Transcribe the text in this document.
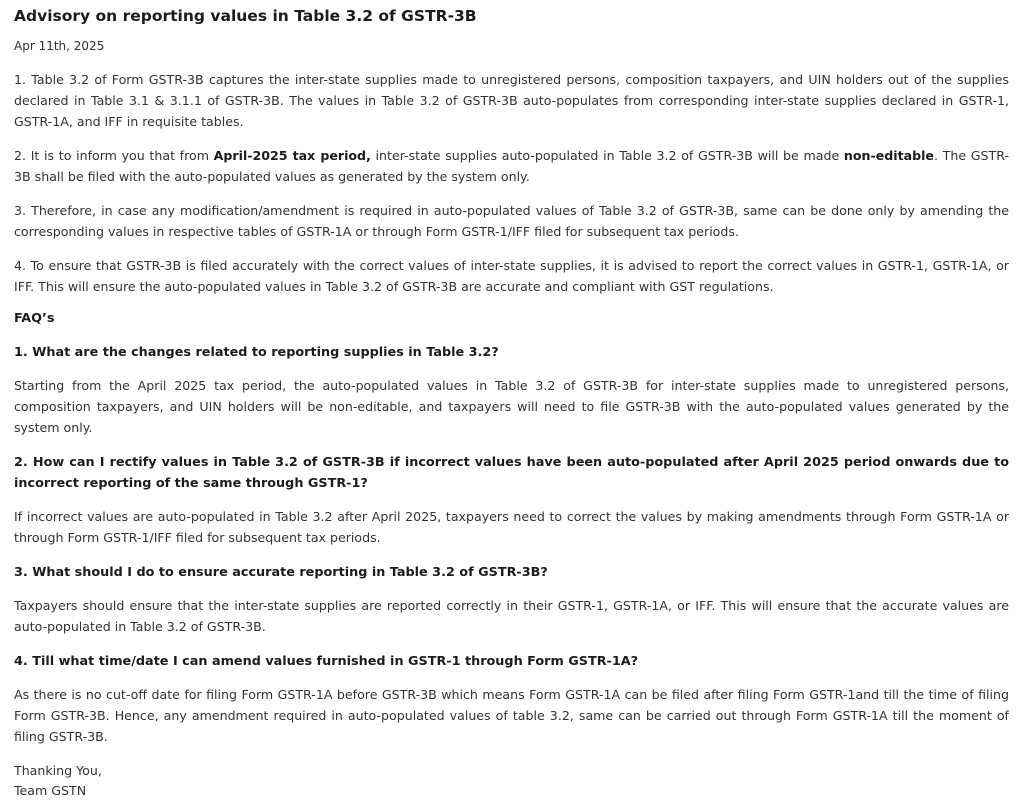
Advisory on reporting values in Table 3.2 of GSTR-3B
Apr 11th, 2025

1. Table 3.2 of Form GSTR-3B captures the inter-state supplies made to unregistered persons, composition taxpayers, and UIN holders out of the supplies declared in Table 3.1 & 3.1.1 of GSTR-3B. The values in Table 3.2 of GSTR-3B auto-populates from corresponding inter-state supplies declared in GSTR-1, GSTR-1A, and IFF in requisite tables.

2. It is to inform you that from April-2025 tax period, inter-state supplies auto-populated in Table 3.2 of GSTR-3B will be made non-editable. The GSTR-3B shall be filed with the auto-populated values as generated by the system only.

3. Therefore, in case any modification/amendment is required in auto-populated values of Table 3.2 of GSTR-3B, same can be done only by amending the corresponding values in respective tables of GSTR-1A or through Form GSTR-1/IFF filed for subsequent tax periods.

4. To ensure that GSTR-3B is filed accurately with the correct values of inter-state supplies, it is advised to report the correct values in GSTR-1, GSTR-1A, or IFF. This will ensure the auto-populated values in Table 3.2 of GSTR-3B are accurate and compliant with GST regulations.

FAQ’s
1. What are the changes related to reporting supplies in Table 3.2?

Starting from the April 2025 tax period, the auto-populated values in Table 3.2 of GSTR-3B for inter-state supplies made to unregistered persons, composition taxpayers, and UIN holders will be non-editable, and taxpayers will need to file GSTR-3B with the auto-populated values generated by the system only.

2. How can I rectify values in Table 3.2 of GSTR-3B if incorrect values have been auto-populated after April 2025 period onwards due to incorrect reporting of the same through GSTR-1?

If incorrect values are auto-populated in Table 3.2 after April 2025, taxpayers need to correct the values by making amendments through Form GSTR-1A or through Form GSTR-1/IFF filed for subsequent tax periods.

3. What should I do to ensure accurate reporting in Table 3.2 of GSTR-3B?

Taxpayers should ensure that the inter-state supplies are reported correctly in their GSTR-1, GSTR-1A, or IFF. This will ensure that the accurate values are auto-populated in Table 3.2 of GSTR-3B.

4. Till what time/date I can amend values furnished in GSTR-1 through Form GSTR-1A?

As there is no cut-off date for filing Form GSTR-1A before GSTR-3B which means Form GSTR-1A can be filed after filing Form GSTR-1and till the time of filing Form GSTR-3B. Hence, any amendment required in auto-populated values of table 3.2, same can be carried out through Form GSTR-1A till the moment of filing GSTR-3B.

Thanking You,
Team GSTN
